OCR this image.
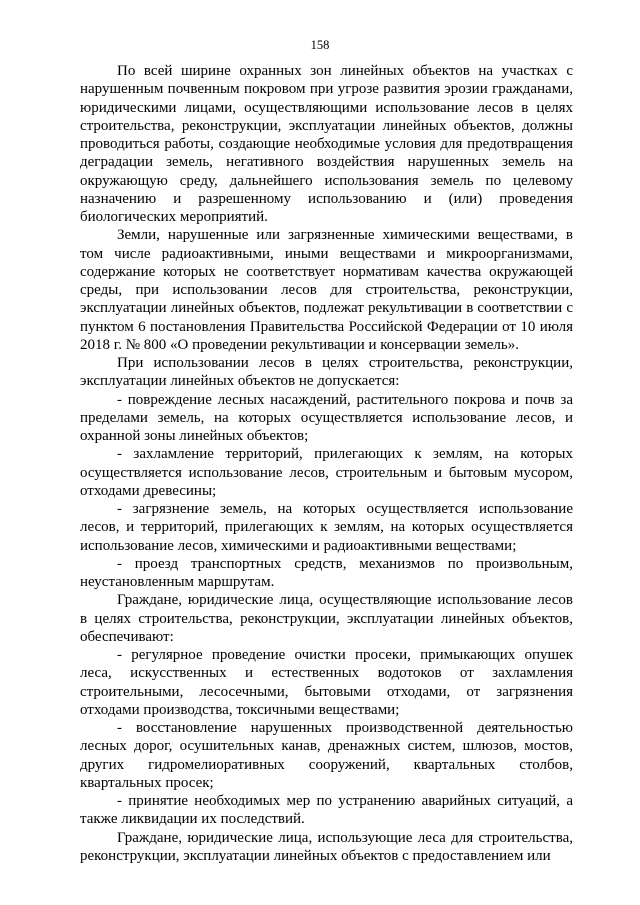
158

По всей ширине охранных зон линейных объектов на участках с нарушенным почвенным покровом при угрозе развития эрозии гражданами, юридическими лицами, осуществляющими использование лесов в целях строительства, реконструкции, эксплуатации линейных объектов, должны проводиться работы, создающие необходимые условия для предотвращения деградации земель, негативного воздействия нарушенных земель на окружающую среду, дальнейшего использования земель по целевому назначению и разрешенному использованию и (или) проведения биологических мероприятий.

Земли, нарушенные или загрязненные химическими веществами, в том числе радиоактивными, иными веществами и микроорганизмами, содержание которых не соответствует нормативам качества окружающей среды, при использовании лесов для строительства, реконструкции, эксплуатации линейных объектов, подлежат рекультивации в соответствии с пунктом 6 постановления Правительства Российской Федерации от 10 июля 2018 г. № 800 «О проведении рекультивации и консервации земель».

При использовании лесов в целях строительства, реконструкции, эксплуатации линейных объектов не допускается:

- повреждение лесных насаждений, растительного покрова и почв за пределами земель, на которых осуществляется использование лесов, и охранной зоны линейных объектов;

- захламление территорий, прилегающих к землям, на которых осуществляется использование лесов, строительным и бытовым мусором, отходами древесины;

- загрязнение земель, на которых осуществляется использование лесов, и территорий, прилегающих к землям, на которых осуществляется использование лесов, химическими и радиоактивными веществами;

- проезд транспортных средств, механизмов по произвольным, неустановленным маршрутам.

Граждане, юридические лица, осуществляющие использование лесов в целях строительства, реконструкции, эксплуатации линейных объектов, обеспечивают:

- регулярное проведение очистки просеки, примыкающих опушек леса, искусственных и естественных водотоков от захламления строительными, лесосечными, бытовыми отходами, от загрязнения отходами производства, токсичными веществами;

- восстановление нарушенных производственной деятельностью лесных дорог, осушительных канав, дренажных систем, шлюзов, мостов, других гидромелиоративных сооружений, квартальных столбов, квартальных просек;

- принятие необходимых мер по устранению аварийных ситуаций, а также ликвидации их последствий.

Граждане, юридические лица, использующие леса для строительства, реконструкции, эксплуатации линейных объектов с предоставлением или
